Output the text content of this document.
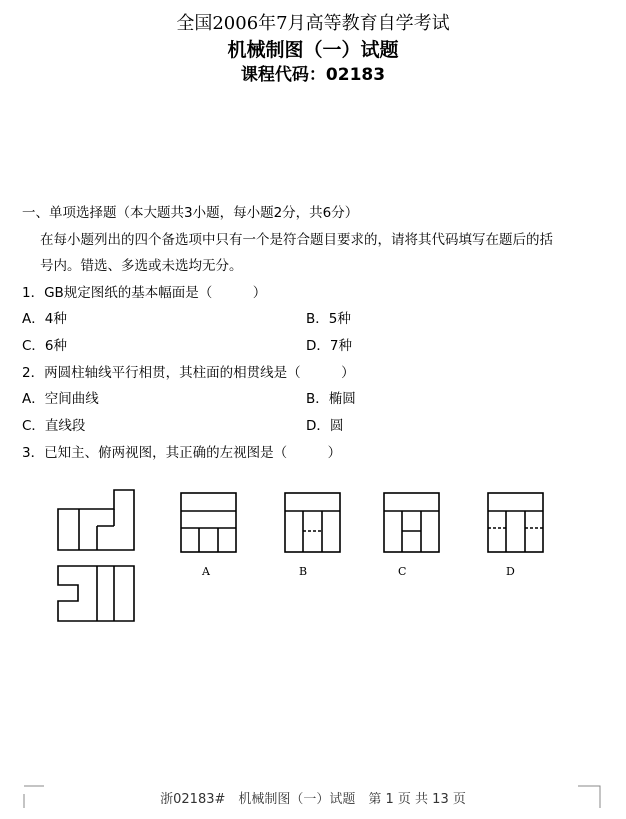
全国2006年7月高等教育自学考试
机械制图（一）试题
课程代码：02183
一、单项选择题（本大题共3小题，每小题2分，共6分）
在每小题列出的四个备选项中只有一个是符合题目要求的，请将其代码填写在题后的括
号内。错选、多选或未选均无分。
1．GB规定图纸的基本幅面是（　　　）
A．4种	B．5种
C．6种	D．7种
2．两圆柱轴线平行相贯，其柱面的相贯线是（　　　）
A．空间曲线	B．椭圆
C．直线段	D．圆
3．已知主、俯两视图，其正确的左视图是（　　　）
A	B	C	D
浙02183#　机械制图（一）试题　第 1 页 共 13 页
